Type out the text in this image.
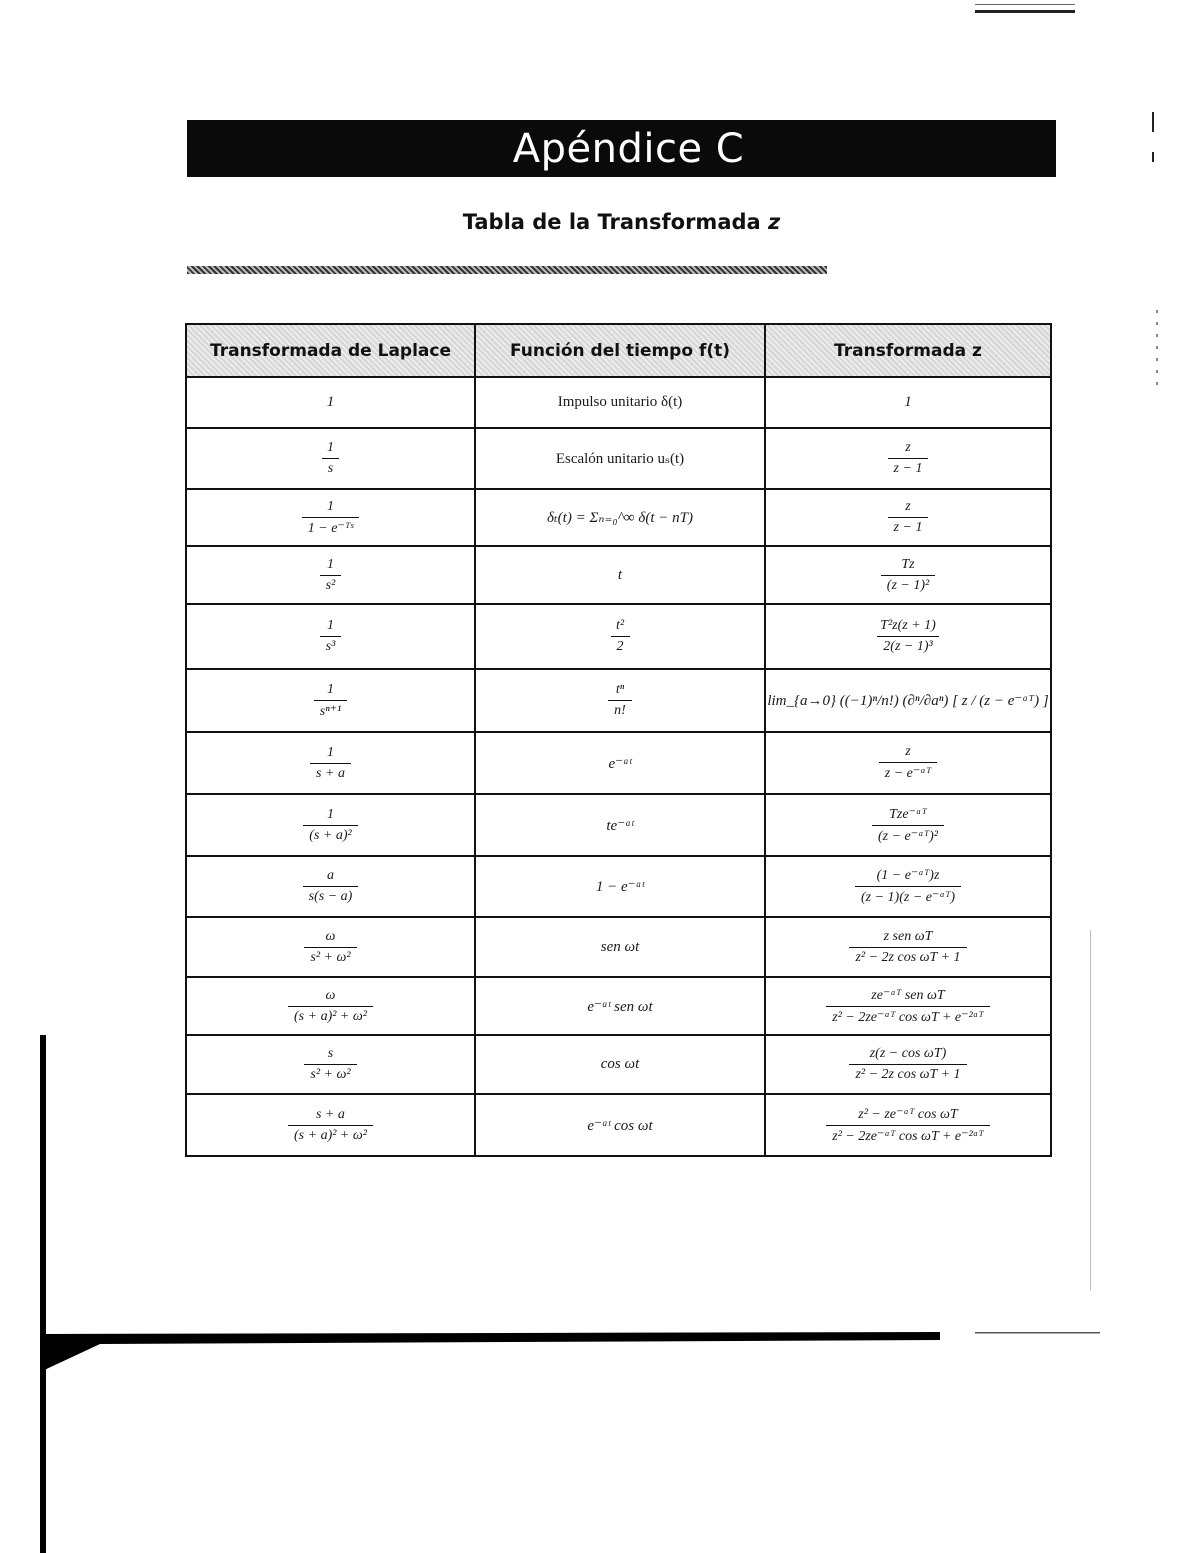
Apéndice C
Tabla de la Transformada z
Transformada de Laplace	Función del tiempo f(t)	Transformada z
1	Impulso unitario δ(t)	1

$\frac{1}{s}$	Escalón unitario uₛ(t)	$\frac{z}{z - 1}$

$\frac{1}{\text{1 − e⁻ᵀˢ}}$	δₜ(t) = Σₙ₌₀^∞ δ(t − nT)	$\frac{z}{z - 1}$

$\frac{1}{\text{s²}}$	t	$\frac{Tz}{\text{(z − 1)²}}$

$\frac{1}{\text{s³}}$	$\frac{\text{t²}}{2}$	$\frac{\text{T²z(z + 1)}}{\text{2(z − 1)³}}$

$\frac{1}{\text{sⁿ⁺¹}}$	$\frac{\text{tⁿ}}{n!}$	lim_{a→0} ((−1)ⁿ/n!) (∂ⁿ/∂aⁿ) [ z / (z − e⁻ᵃᵀ) ]

$\frac{1}{s + a}$	e⁻ᵃᵗ	$\frac{z}{\text{z − e⁻ᵃᵀ}}$

$\frac{1}{\text{(s + a)²}}$	te⁻ᵃᵗ	$\frac{\text{Tze⁻ᵃᵀ}}{\text{(z − e⁻ᵃᵀ)²}}$

$\frac{a}{s(s - a)}$	1 − e⁻ᵃᵗ	$\frac{\text{(1 − e⁻ᵃᵀ)z}}{\text{(z − 1)(z − e⁻ᵃᵀ)}}$

$\frac{\omega}{\text{s² + ω²}}$	sen ωt	$\frac{\text{z sen ωT}}{\text{z² − 2z cos ωT + 1}}$

$\frac{\omega}{\text{(s + a)² + ω²}}$	e⁻ᵃᵗ sen ωt	$\frac{\text{ze⁻ᵃᵀ sen ωT}}{\text{z² − 2ze⁻ᵃᵀ cos ωT + e⁻²ᵃᵀ}}$

$\frac{s}{\text{s² + ω²}}$	cos ωt	$\frac{\text{z(z − cos ωT)}}{\text{z² − 2z cos ωT + 1}}$

$\frac{s + a}{\text{(s + a)² + ω²}}$	e⁻ᵃᵗ cos ωt	$\frac{\text{z² − ze⁻ᵃᵀ cos ωT}}{\text{z² − 2ze⁻ᵃᵀ cos ωT + e⁻²ᵃᵀ}}$
